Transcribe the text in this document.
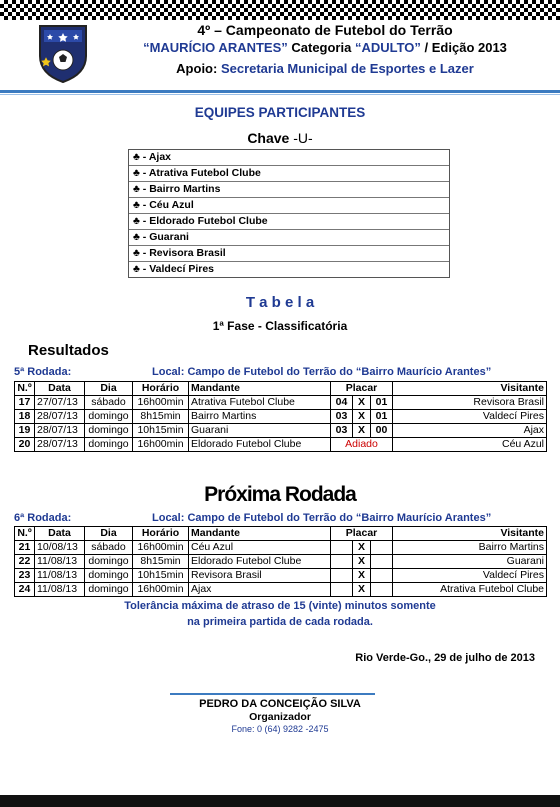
4º – Campeonato de Futebol do Terrão
“MAURÍCIO ARANTES” Categoria “ADULTO” / Edição 2013
Apoio: Secretaria Municipal de Esportes e Lazer
EQUIPES PARTICIPANTES
Chave -U-
♣ - Ajax
♣ - Atrativa Futebol Clube
♣ - Bairro Martins
♣ - Céu Azul
♣ - Eldorado Futebol Clube
♣ - Guarani
♣ - Revisora Brasil
♣ - Valdecí Pires
T a b e l a
1ª Fase - Classificatória
Resultados
5ª Rodada:	Local: Campo de Futebol do Terrão do “Bairro Maurício Arantes”
N.º	Data	Dia	Horário	Mandante	Placar			Visitante
17	27/07/13	sábado	16h00min	Atrativa Futebol Clube	04	X	01	Revisora Brasil
18	28/07/13	domingo	8h15min	Bairro Martins	03	X	01	Valdecí Pires
19	28/07/13	domingo	10h15min	Guarani	03	X	00	Ajax
20	28/07/13	domingo	16h00min	Eldorado Futebol Clube	Adiado			Céu Azul
Próxima Rodada
6ª Rodada:	Local: Campo de Futebol do Terrão do “Bairro Maurício Arantes”
N.º	Data	Dia	Horário	Mandante	Placar			Visitante
21	10/08/13	sábado	16h00min	Céu Azul		X		Bairro Martins
22	11/08/13	domingo	8h15min	Eldorado Futebol Clube		X		Guarani
23	11/08/13	domingo	10h15min	Revisora Brasil		X		Valdecí Pires
24	11/08/13	domingo	16h00min	Ajax		X		Atrativa Futebol Clube
Tolerância máxima de atraso de 15 (vinte) minutos somente
na primeira partida de cada rodada.
Rio Verde-Go., 29 de julho de 2013
PEDRO DA CONCEIÇÃO SILVA
Organizador
Fone: 0 (64) 9282 -2475
